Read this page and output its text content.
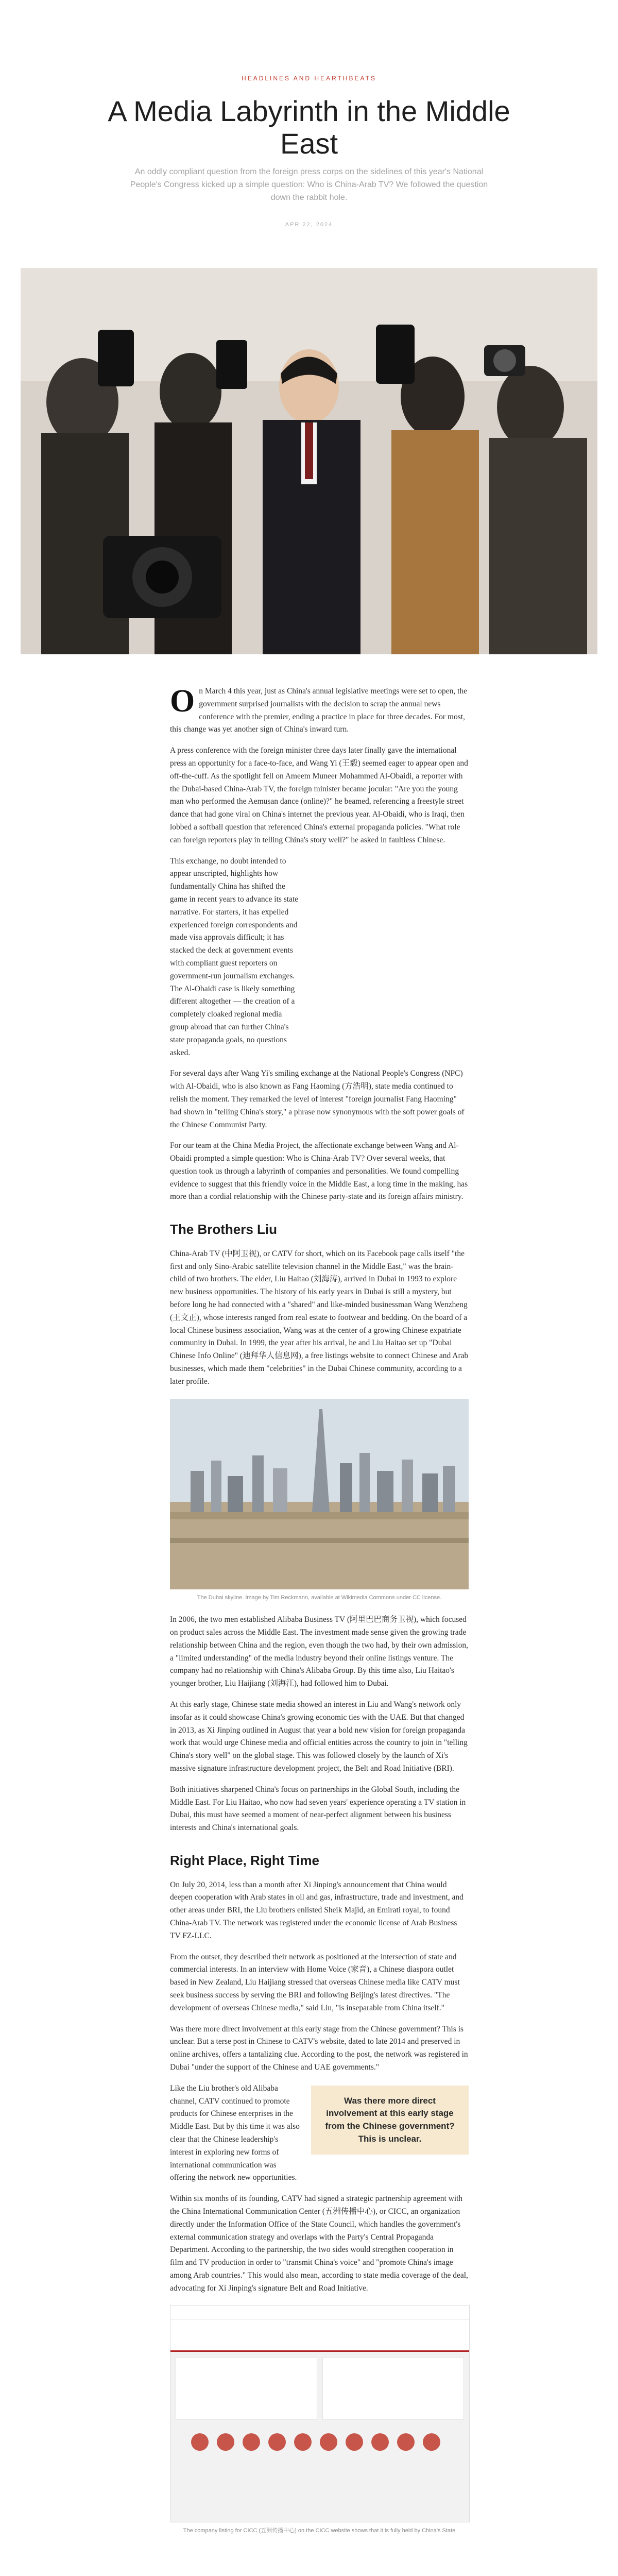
HEADLINES AND HEARTHBEATS
A Media Labyrinth in the Middle East

An oddly compliant question from the foreign press corps on the sidelines of this year's National People's Congress kicked up a simple question: Who is China-Arab TV? We followed the question down the rabbit hole.

APR 22, 2024

On March 4 this year, just as China's annual legislative meetings were set to open, the government surprised journalists with the decision to scrap the annual news conference with the premier, ending a practice in place for three decades. For most, this change was yet another sign of China's inward turn.

A press conference with the foreign minister three days later finally gave the international press an opportunity for a face-to-face, and Wang Yi (王毅) seemed eager to appear open and off-the-cuff. As the spotlight fell on Ameem Muneer Mohammed Al-Obaidi, a reporter with the Dubai-based China-Arab TV, the foreign minister became jocular: "Are you the young man who performed the Aemusan dance (online)?" he beamed, referencing a freestyle street dance that had gone viral on China's internet the previous year. Al-Obaidi, who is Iraqi, then lobbed a softball question that referenced China's external propaganda policies. "What role can foreign reporters play in telling China's story well?" he asked in faultless Chinese.

This exchange, no doubt intended to appear unscripted, highlights how fundamentally China has shifted the game in recent years to advance its state narrative. For starters, it has expelled experienced foreign correspondents and made visa approvals difficult; it has stacked the deck at government events with compliant guest reporters on government-run journalism exchanges. The Al-Obaidi case is likely something different altogether — the creation of a completely cloaked regional media group abroad that can further China's state propaganda goals, no questions asked.

For several days after Wang Yi's smiling exchange at the National People's Congress (NPC) with Al-Obaidi, who is also known as Fang Haoming (方浩明), state media continued to relish the moment. They remarked the level of interest "foreign journalist Fang Haoming" had shown in "telling China's story," a phrase now synonymous with the soft power goals of the Chinese Communist Party.

For our team at the China Media Project, the affectionate exchange between Wang and Al-Obaidi prompted a simple question: Who is China-Arab TV? Over several weeks, that question took us through a labyrinth of companies and personalities. We found compelling evidence to suggest that this friendly voice in the Middle East, a long time in the making, has more than a cordial relationship with the Chinese party-state and its foreign affairs ministry.

The Brothers Liu

China-Arab TV (中阿卫视), or CATV for short, which on its Facebook page calls itself "the first and only Sino-Arabic satellite television channel in the Middle East," was the brain-child of two brothers. The elder, Liu Haitao (刘海涛), arrived in Dubai in 1993 to explore new business opportunities. The history of his early years in Dubai is still a mystery, but before long he had connected with a "shared" and like-minded businessman Wang Wenzheng (王文正), whose interests ranged from real estate to footwear and bedding. On the board of a local Chinese business association, Wang was at the center of a growing Chinese expatriate community in Dubai. In 1999, the year after his arrival, he and Liu Haitao set up "Dubai Chinese Info Online" (迪拜华人信息网), a free listings website to connect Chinese and Arab businesses, which made them "celebrities" in the Dubai Chinese community, according to a later profile.

The Dubai skyline. Image by Tim Reckmann, available at Wikimedia Commons under CC license.

In 2006, the two men established Alibaba Business TV (阿里巴巴商务卫视), which focused on product sales across the Middle East. The investment made sense given the growing trade relationship between China and the region, even though the two had, by their own admission, a "limited understanding" of the media industry beyond their online listings venture. The company had no relationship with China's Alibaba Group. By this time also, Liu Haitao's younger brother, Liu Haijiang (刘海江), had followed him to Dubai.

At this early stage, Chinese state media showed an interest in Liu and Wang's network only insofar as it could showcase China's growing economic ties with the UAE. But that changed in 2013, as Xi Jinping outlined in August that year a bold new vision for foreign propaganda work that would urge Chinese media and official entities across the country to join in "telling China's story well" on the global stage. This was followed closely by the launch of Xi's massive signature infrastructure development project, the Belt and Road Initiative (BRI).

Both initiatives sharpened China's focus on partnerships in the Global South, including the Middle East. For Liu Haitao, who now had seven years' experience operating a TV station in Dubai, this must have seemed a moment of near-perfect alignment between his business interests and China's international goals.

Right Place, Right Time

On July 20, 2014, less than a month after Xi Jinping's announcement that China would deepen cooperation with Arab states in oil and gas, infrastructure, trade and investment, and other areas under BRI, the Liu brothers enlisted Sheik Majid, an Emirati royal, to found China-Arab TV. The network was registered under the economic license of Arab Business TV FZ-LLC.

From the outset, they described their network as positioned at the intersection of state and commercial interests. In an interview with Home Voice (家音), a Chinese diaspora outlet based in New Zealand, Liu Haijiang stressed that overseas Chinese media like CATV must seek business success by serving the BRI and following Beijing's latest directives. "The development of overseas Chinese media," said Liu, "is inseparable from China itself."

Was there more direct involvement at this early stage from the Chinese government? This is unclear. But a terse post in Chinese to CATV's website, dated to late 2014 and preserved in online archives, offers a tantalizing clue. According to the post, the network was registered in Dubai "under the support of the Chinese and UAE governments."

Was there more direct involvement at this early stage from the Chinese government? This is unclear.

Like the Liu brother's old Alibaba channel, CATV continued to promote products for Chinese enterprises in the Middle East. But by this time it was also clear that the Chinese leadership's interest in exploring new forms of international communication was offering the network new opportunities.

Within six months of its founding, CATV had signed a strategic partnership agreement with the China International Communication Center (五洲传播中心), or CICC, an organization directly under the Information Office of the State Council, which handles the government's external communication strategy and overlaps with the Party's Central Propaganda Department. According to the partnership, the two sides would strengthen cooperation in film and TV production in order to "transmit China's voice" and "promote China's image among Arab countries." This would also mean, according to state media coverage of the deal, advocating for Xi Jinping's signature Belt and Road Initiative.

The company listing for CICC (五洲传播中心) on the CICC website shows that it is fully held by China's State
